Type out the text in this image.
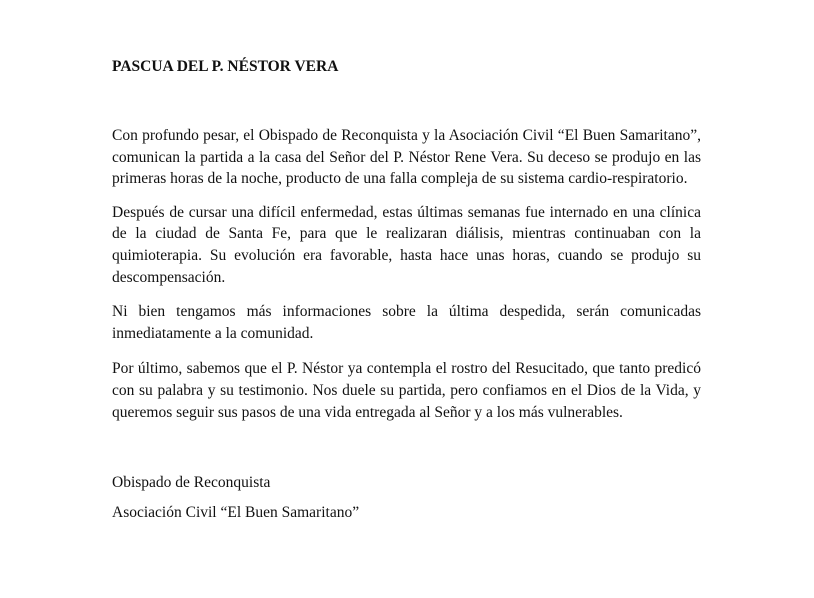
PASCUA DEL P. NÉSTOR VERA

Con profundo pesar, el Obispado de Reconquista y la Asociación Civil “El Buen Samaritano”, comunican la partida a la casa del Señor del P. Néstor Rene Vera. Su deceso se produjo en las primeras horas de la noche, producto de una falla compleja de su sistema cardio-respiratorio.

Después de cursar una difícil enfermedad, estas últimas semanas fue internado en una clínica de la ciudad de Santa Fe, para que le realizaran diálisis, mientras continuaban con la quimioterapia. Su evolución era favorable, hasta hace unas horas, cuando se produjo su descompensación.

Ni bien tengamos más informaciones sobre la última despedida, serán comunicadas inmediatamente a la comunidad.

Por último, sabemos que el P. Néstor ya contempla el rostro del Resucitado, que tanto predicó con su palabra y su testimonio. Nos duele su partida, pero confiamos en el Dios de la Vida, y queremos seguir sus pasos de una vida entregada al Señor y a los más vulnerables.

Obispado de Reconquista

Asociación Civil “El Buen Samaritano”
